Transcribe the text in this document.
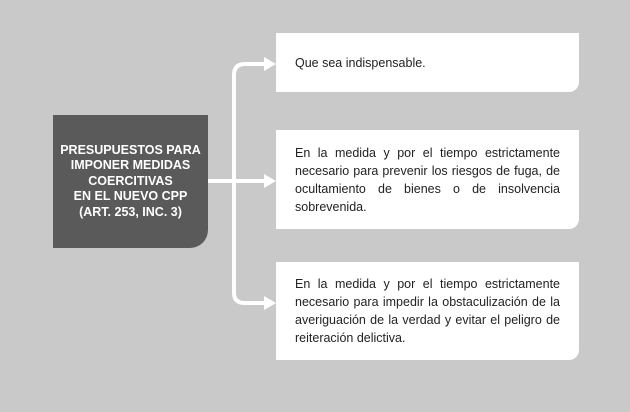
PRESUPUESTOS PARA
IMPONER MEDIDAS
COERCITIVAS
EN EL NUEVO CPP
(ART. 253, INC. 3)
Que sea indispensable.
En la medida y por el tiempo estrictamente necesario para prevenir los riesgos de fuga, de ocultamiento de bienes o de insolvencia sobrevenida.
En la medida y por el tiempo estrictamente necesario para impedir la obstaculización de la averiguación de la verdad y evitar el peligro de reiteración delictiva.
